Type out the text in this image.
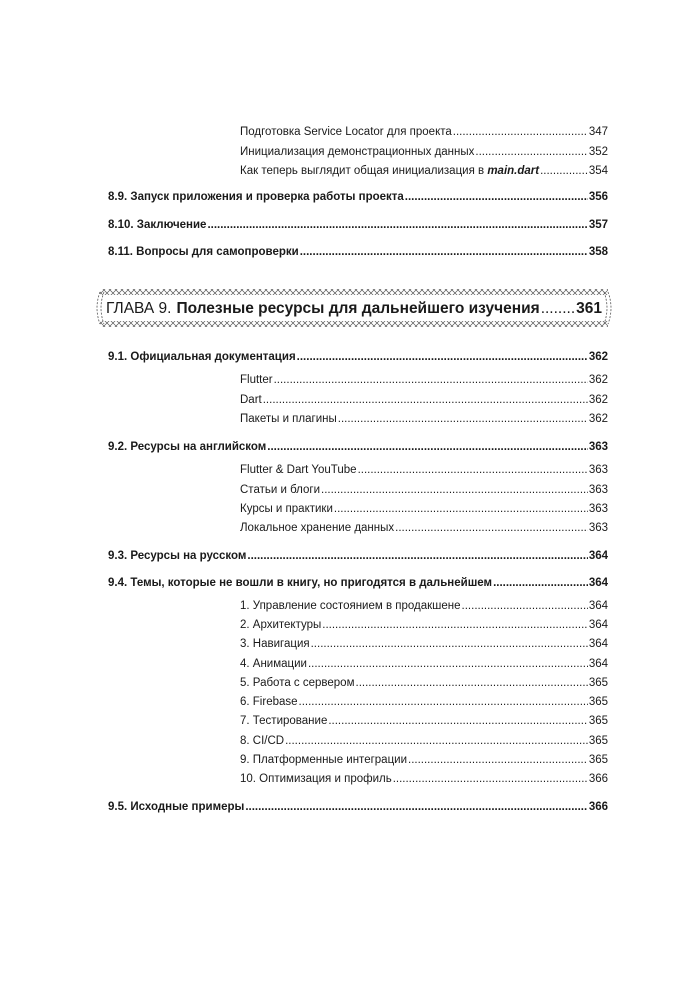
Подготовка Service Locator для проекта .....	347
Инициализация демонстрационных данных .....	352
Как теперь выглядит общая инициализация в main.dart .....	354
8.9. Запуск приложения и проверка работы проекта .....	356
8.10. Заключение .....	357
8.11. Вопросы для самопроверки .....	358
ГЛАВА 9. Полезные ресурсы для дальнейшего изучения ..... 361
9.1. Официальная документация .....	362
Flutter .....	362
Dart .....	362
Пакеты и плагины .....	362
9.2. Ресурсы на английском .....	363
Flutter & Dart YouTube .....	363
Статьи и блоги .....	363
Курсы и практики .....	363
Локальное хранение данных .....	363
9.3. Ресурсы на русском .....	364
9.4. Темы, которые не вошли в книгу, но пригодятся в дальнейшем .....	364
1. Управление состоянием в продакшене .....	364
2. Архитектуры .....	364
3. Навигация .....	364
4. Анимации .....	364
5. Работа с сервером .....	365
6. Firebase .....	365
7. Тестирование .....	365
8. CI/CD .....	365
9. Платформенные интеграции .....	365
10. Оптимизация и профиль .....	366
9.5. Исходные примеры .....	366
